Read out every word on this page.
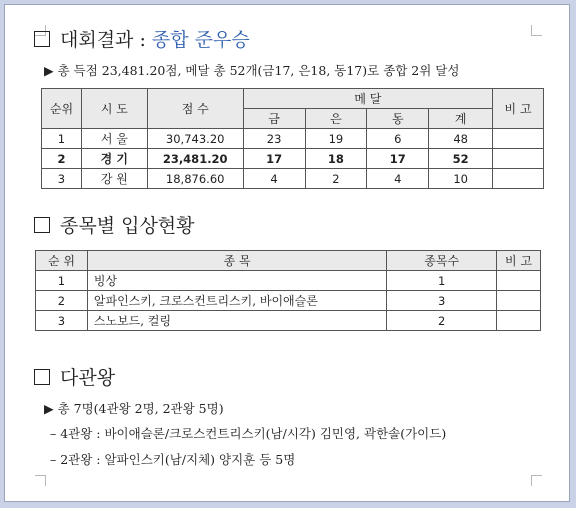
대회결과 : 종합 준우승
▶ 총 득점 23,481.20점, 메달 총 52개(금17, 은18, 동17)로 종합 2위 달성
순위	시 도	점 수	메 달				비 고
			금	은	동	계	
1	서 울	30,743.20	23	19	6	48	
2	경 기	23,481.20	17	18	17	52	
3	강 원	18,876.60	4	2	4	10	
종목별 입상현황
순 위	종 목	종목수	비 고
1	빙상	1	
2	알파인스키, 크로스컨트리스키, 바이애슬론	3	
3	스노보드, 컬링	2	
다관왕
▶ 총 7명(4관왕 2명, 2관왕 5명)
– 4관왕 : 바이애슬론/크로스컨트리스키(남/시각) 김민영, 곽한솔(가이드)
– 2관왕 : 알파인스키(남/지체) 양지훈 등 5명
